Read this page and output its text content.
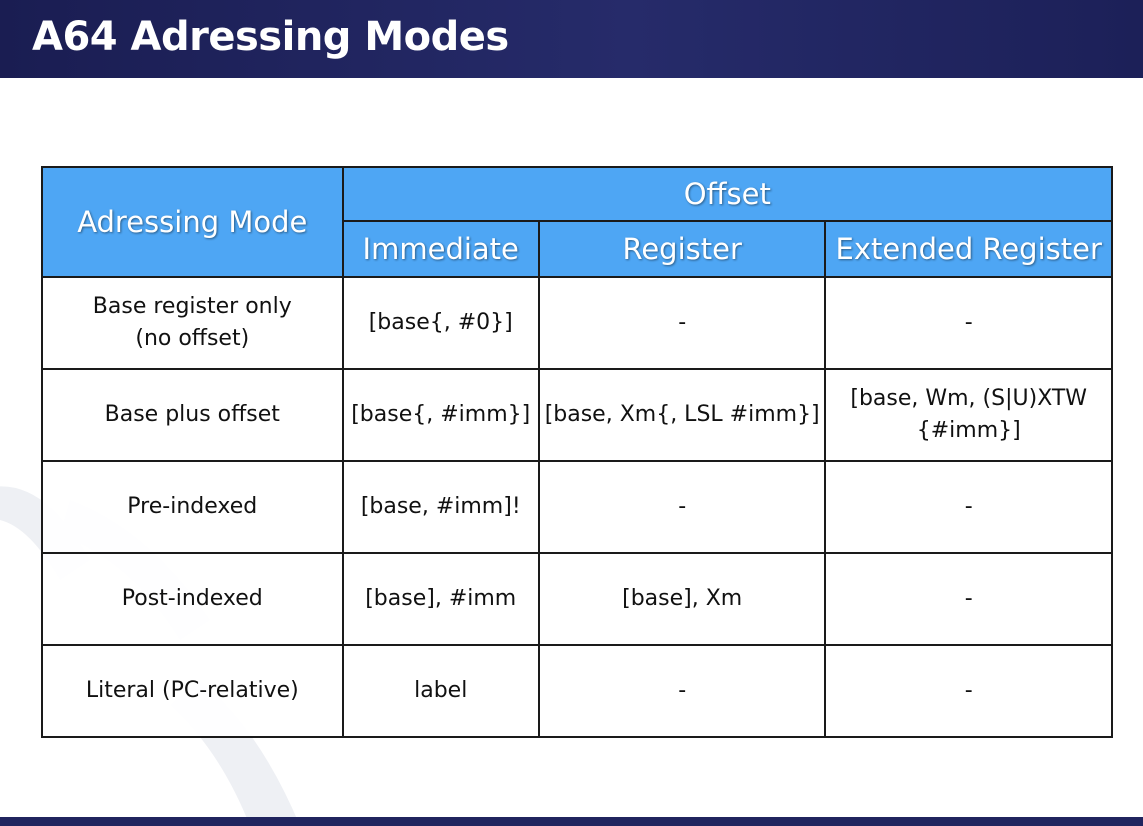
A64 Adressing Modes
Adressing Mode	Offset		
	Immediate	Register	Extended Register

Base register only
(no offset)	[base{, #0}]	-	-
Base plus offset	[base{, #imm}]	[base, Xm{, LSL #imm}]	[base, Wm, (S|U)XTW
{#imm}]

Pre-indexed	[base, #imm]!	-	-
Post-indexed	[base], #imm	[base], Xm	-
Literal (PC-relative)	label	-	-
